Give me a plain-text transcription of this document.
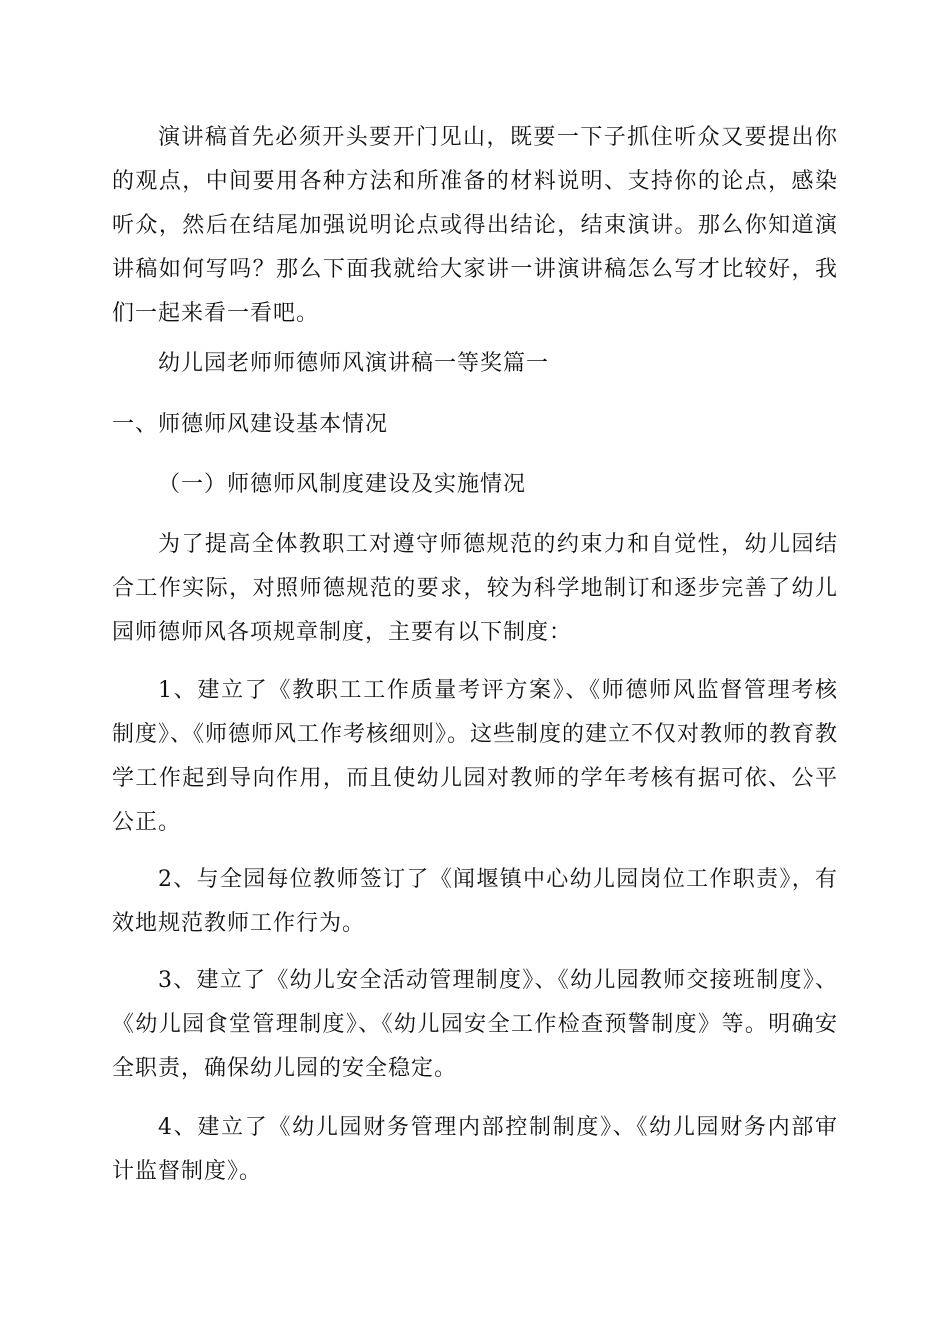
演讲稿首先必须开头要开门见山，既要一下子抓住听众又要提出你的观点，中间要用各种方法和所准备的材料说明、支持你的论点，感染听众，然后在结尾加强说明论点或得出结论，结束演讲。那么你知道演讲稿如何写吗？那么下面我就给大家讲一讲演讲稿怎么写才比较好，我们一起来看一看吧。

幼儿园老师师德师风演讲稿一等奖篇一

一、师德师风建设基本情况

（一）师德师风制度建设及实施情况

为了提高全体教职工对遵守师德规范的约束力和自觉性，幼儿园结合工作实际，对照师德规范的要求，较为科学地制订和逐步完善了幼儿园师德师风各项规章制度，主要有以下制度：

1、建立了《教职工工作质量考评方案》、《师德师风监督管理考核制度》、《师德师风工作考核细则》。这些制度的建立不仅对教师的教育教学工作起到导向作用，而且使幼儿园对教师的学年考核有据可依、公平公正。

2、与全园每位教师签订了《闻堰镇中心幼儿园岗位工作职责》，有效地规范教师工作行为。

3、建立了《幼儿安全活动管理制度》、《幼儿园教师交接班制度》、《幼儿园食堂管理制度》、《幼儿园安全工作检查预警制度》等。明确安全职责，确保幼儿园的安全稳定。

4、建立了《幼儿园财务管理内部控制制度》、《幼儿园财务内部审计监督制度》。
